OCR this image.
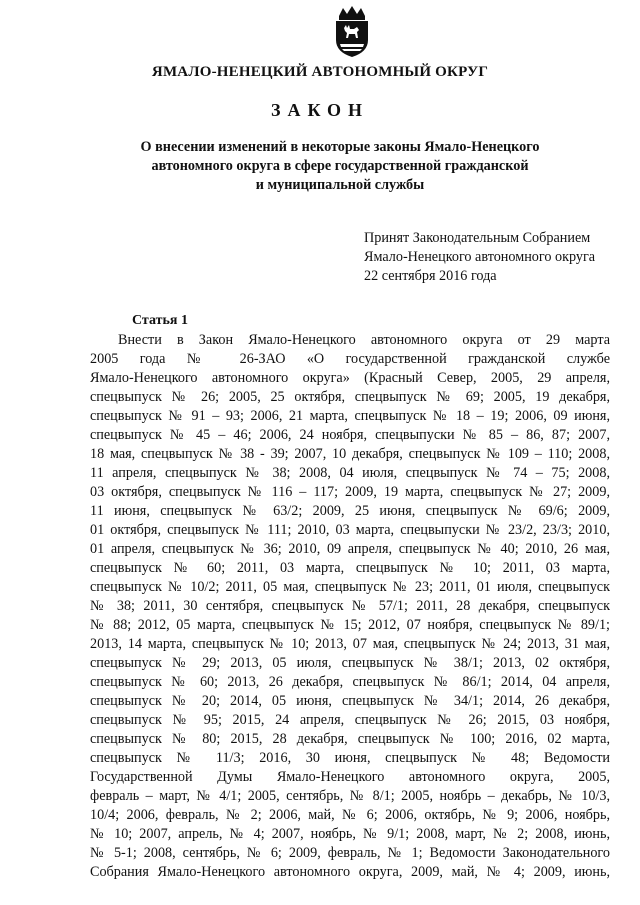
ЯМАЛО-НЕНЕЦКИЙ АВТОНОМНЫЙ ОКРУГ
ЗАКОН
О внесении изменений в некоторые законы Ямало-Ненецкого
автономного округа в сфере государственной гражданской
и муниципальной службы
Принят Законодательным Собранием
Ямало-Ненецкого автономного округа
22 сентября 2016 года
Статья 1
Внести в Закон Ямало-Ненецкого автономного округа от 29 марта
2005 года № 26-ЗАО «О государственной гражданской службе
Ямало-Ненецкого автономного округа» (Красный Север, 2005, 29 апреля,
спецвыпуск № 26; 2005, 25 октября, спецвыпуск № 69; 2005, 19 декабря,
спецвыпуск № 91 – 93; 2006, 21 марта, спецвыпуск № 18 – 19; 2006, 09 июня,
спецвыпуск № 45 – 46; 2006, 24 ноября, спецвыпуски № 85 – 86, 87; 2007,
18 мая, спецвыпуск № 38 - 39; 2007, 10 декабря, спецвыпуск № 109 – 110; 2008,
11 апреля, спецвыпуск № 38; 2008, 04 июля, спецвыпуск № 74 – 75; 2008,
03 октября, спецвыпуск № 116 – 117; 2009, 19 марта, спецвыпуск № 27; 2009,
11 июня, спецвыпуск № 63/2; 2009, 25 июня, спецвыпуск № 69/6; 2009,
01 октября, спецвыпуск № 111; 2010, 03 марта, спецвыпуски № 23/2, 23/3; 2010,
01 апреля, спецвыпуск № 36; 2010, 09 апреля, спецвыпуск № 40; 2010, 26 мая,
спецвыпуск № 60; 2011, 03 марта, спецвыпуск № 10; 2011, 03 марта,
спецвыпуск № 10/2; 2011, 05 мая, спецвыпуск № 23; 2011, 01 июля, спецвыпуск
№ 38; 2011, 30 сентября, спецвыпуск № 57/1; 2011, 28 декабря, спецвыпуск
№ 88; 2012, 05 марта, спецвыпуск № 15; 2012, 07 ноября, спецвыпуск № 89/1;
2013, 14 марта, спецвыпуск № 10; 2013, 07 мая, спецвыпуск № 24; 2013, 31 мая,
спецвыпуск № 29; 2013, 05 июля, спецвыпуск № 38/1; 2013, 02 октября,
спецвыпуск № 60; 2013, 26 декабря, спецвыпуск № 86/1; 2014, 04 апреля,
спецвыпуск № 20; 2014, 05 июня, спецвыпуск № 34/1; 2014, 26 декабря,
спецвыпуск № 95; 2015, 24 апреля, спецвыпуск № 26; 2015, 03 ноября,
спецвыпуск № 80; 2015, 28 декабря, спецвыпуск № 100; 2016, 02 марта,
спецвыпуск № 11/3; 2016, 30 июня, спецвыпуск № 48; Ведомости
Государственной Думы Ямало-Ненецкого автономного округа, 2005,
февраль – март, № 4/1; 2005, сентябрь, № 8/1; 2005, ноябрь – декабрь, № 10/3,
10/4; 2006, февраль, № 2; 2006, май, № 6; 2006, октябрь, № 9; 2006, ноябрь,
№ 10; 2007, апрель, № 4; 2007, ноябрь, № 9/1; 2008, март, № 2; 2008, июнь,
№ 5-1; 2008, сентябрь, № 6; 2009, февраль, № 1; Ведомости Законодательного
Собрания Ямало-Ненецкого автономного округа, 2009, май, № 4; 2009, июнь,
